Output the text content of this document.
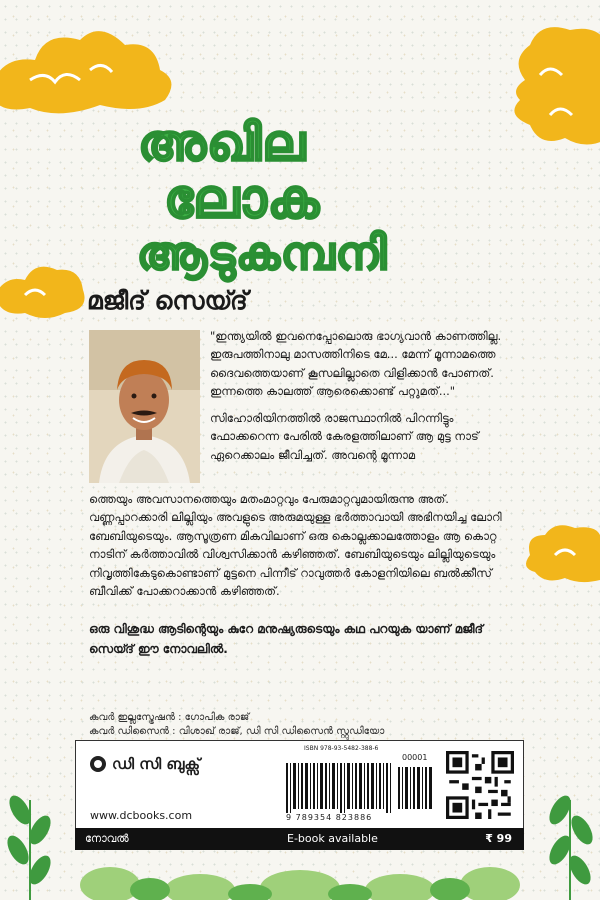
അഖില
ലോക
ആടുകമ്പനി
മജീദ് സെയ്ദ്
"ഇന്ത്യയിൽ ഇവനെപ്പോലൊരു ഭാഗ്യവാൻ കാണത്തില്ല. ഇരുപത്തിനാലു മാസത്തിനിടെ മേ... മേന്ന് മൂന്നാമത്തെ ദൈവത്തെയാണ് കൂസലില്ലാതെ വിളിക്കാൻ പോണത്. ഇന്നത്തെ കാലത്ത് ആരെക്കൊണ്ട് പറ്റുമത്..."
സിഹോരിയിനത്തിൽ രാജസ്ഥാനിൽ പിറന്നിട്ടും ഫോക്കറെന്ന പേരിൽ കേരളത്തിലാണ് ആ മുട്ട നാട് ഏറെക്കാലം ജീവിച്ചത്. അവന്റെ മൂന്നാമ
ത്തെയും അവസാനത്തെയും മതംമാറ്റവും പേരുമാറ്റവുമായിരുന്നു അത്. വണ്ണപ്പാറക്കാരി ലില്ലിയും അവളുടെ അരുമയുള്ള ഭർത്താവായി അഭിനയിച്ച ലോറി ബേബിയുടെയും. ആസൂത്രണ മികവിലാണ് ഒരു കൊല്ലക്കാലത്തോളം ആ കൊറ്റ നാടിന് കർത്താവിൽ വിശ്വസിക്കാൻ കഴിഞ്ഞത്. ബേബിയുടെയും ലില്ലിയുടെയും നിവൃത്തികേടുകൊണ്ടാണ് മുട്ടനെ പിന്നീട് റാവുത്തർ കോളനിയിലെ ബൽക്കീസ് ബീവിക്ക് പോക്കറാക്കാൻ കഴിഞ്ഞത്.
ഒരു വിശുദ്ധ ആടിന്റെയും കുറേ മനുഷ്യരുടെയും കഥ പറയുക യാണ് മജീദ് സെയ്ദ് ഈ നോവലിൽ.
കവർ ഇല്ലസ്ട്രേഷൻ : ഗോപിക രാജ്
കവർ ഡിസൈൻ : വിശാഖ് രാജ്, ഡി സി ഡിസൈൻ സ്റ്റുഡിയോ
ഡി സി ബുക്സ്
www.dcbooks.com
ISBN 978-93-5482-388-6
00001
9 789354 823886
നോവൽ	E-book available	₹ 99
